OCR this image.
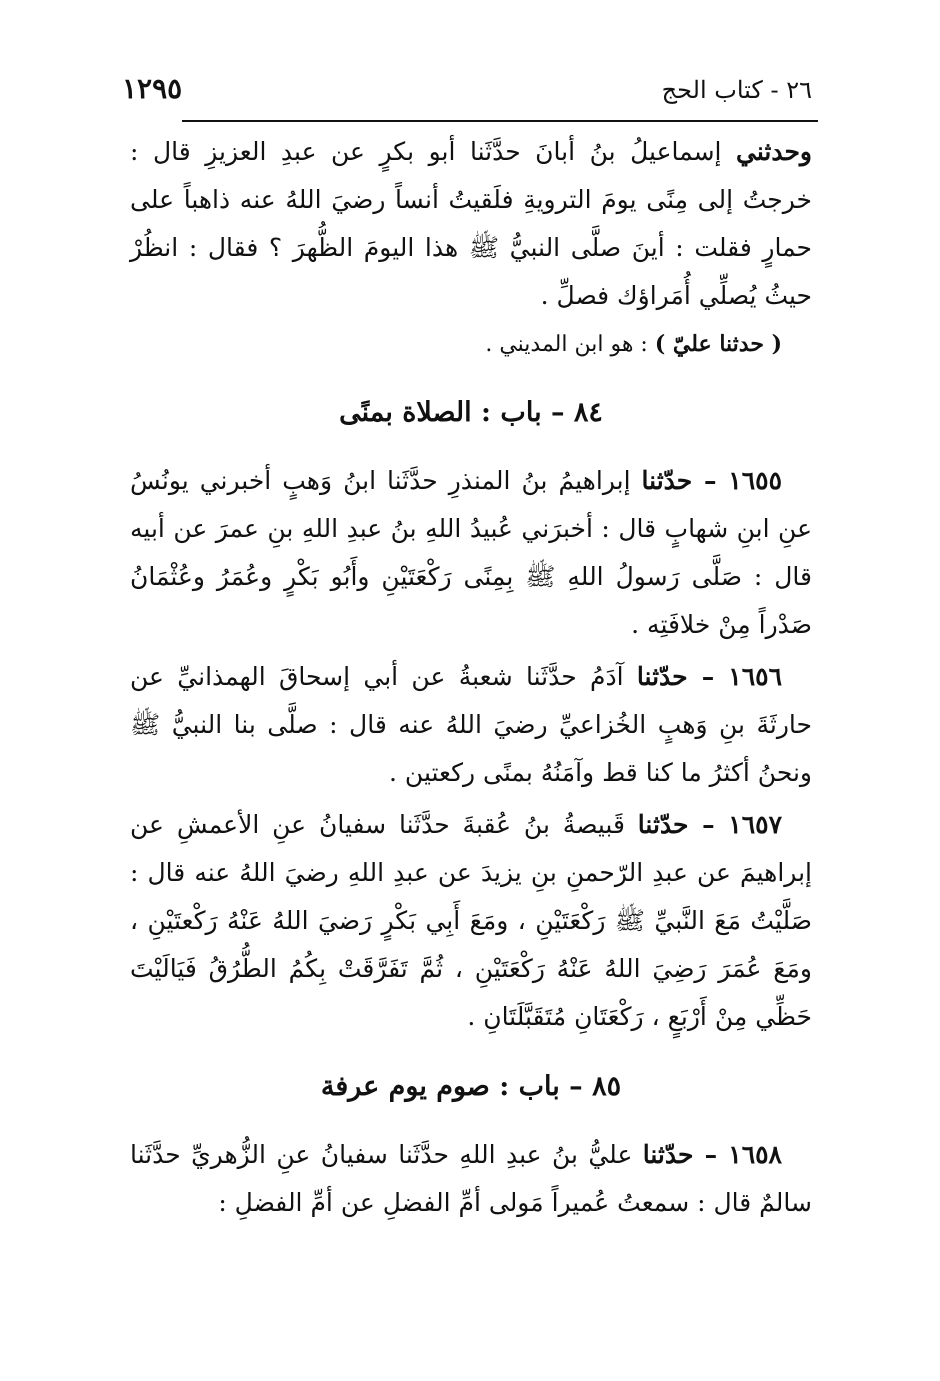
١٢٩٥	٢٦ - كتاب الحج

وحدثني إسماعيلُ بنُ أبانَ حدَّثَنا أبو بكرٍ عن عبدِ العزيزِ قال : خرجتُ إلى مِنًى يومَ الترويةِ فلَقيتُ أنساً رضيَ اللهُ عنه ذاهباً على حمارٍ فقلت : أينَ صلَّى النبيُّ ﷺ هذا اليومَ الظُّهرَ ؟ فقال : انظُرْ حيثُ يُصلِّي أُمَراؤك فصلِّ .

( حدثنا عليّ ) : هو ابن المديني .

٨٤ – باب : الصلاة بمنًى

١٦٥٥ – حدّثنا إبراهيمُ بنُ المنذرِ حدَّثَنا ابنُ وَهبٍ أخبرني يونُسُ عنِ ابنِ شهابٍ قال : أخبرَني عُبيدُ اللهِ بنُ عبدِ اللهِ بنِ عمرَ عن أبيه قال : صَلَّى رَسولُ اللهِ ﷺ بِمِنًى رَكْعَتَيْنِ وأَبُو بَكْرٍ وعُمَرُ وعُثْمَانُ صَدْراً مِنْ خلافَتِه .

١٦٥٦ – حدّثنا آدَمُ حدَّثَنا شعبةُ عن أبي إسحاقَ الهمذانيِّ عن حارثَةَ بنِ وَهبٍ الخُزاعيِّ رضيَ اللهُ عنه قال : صلَّى بنا النبيُّ ﷺ ونحنُ أكثرُ ما كنا قط وآمَنُهُ بمنًى ركعتين .

١٦٥٧ – حدّثنا قَبيصةُ بنُ عُقبةَ حدَّثَنا سفيانُ عنِ الأعمشِ عن إبراهيمَ عن عبدِ الرّحمنِ بنِ يزيدَ عن عبدِ اللهِ رضيَ اللهُ عنه قال : صَلَّيْتُ مَعَ النَّبيِّ ﷺ رَكْعَتَيْنِ ، ومَعَ أَبِي بَكْرٍ رَضيَ اللهُ عَنْهُ رَكْعتَيْنِ ، ومَعَ عُمَرَ رَضِيَ اللهُ عَنْهُ رَكْعَتَيْنِ ، ثُمَّ تَفَرَّقَتْ بِكُمُ الطُّرُقُ فَيَالَيْتَ حَظِّي مِنْ أَرْبَعٍ ، رَكْعَتَانِ مُتَقَبَّلَتَانِ .

٨٥ – باب : صوم يوم عرفة

١٦٥٨ – حدّثنا عليُّ بنُ عبدِ اللهِ حدَّثَنا سفيانُ عنِ الزُّهريِّ حدَّثَنا سالمٌ قال : سمعتُ عُميراً مَولى أمِّ الفضلِ عن أمِّ الفضلِ :
